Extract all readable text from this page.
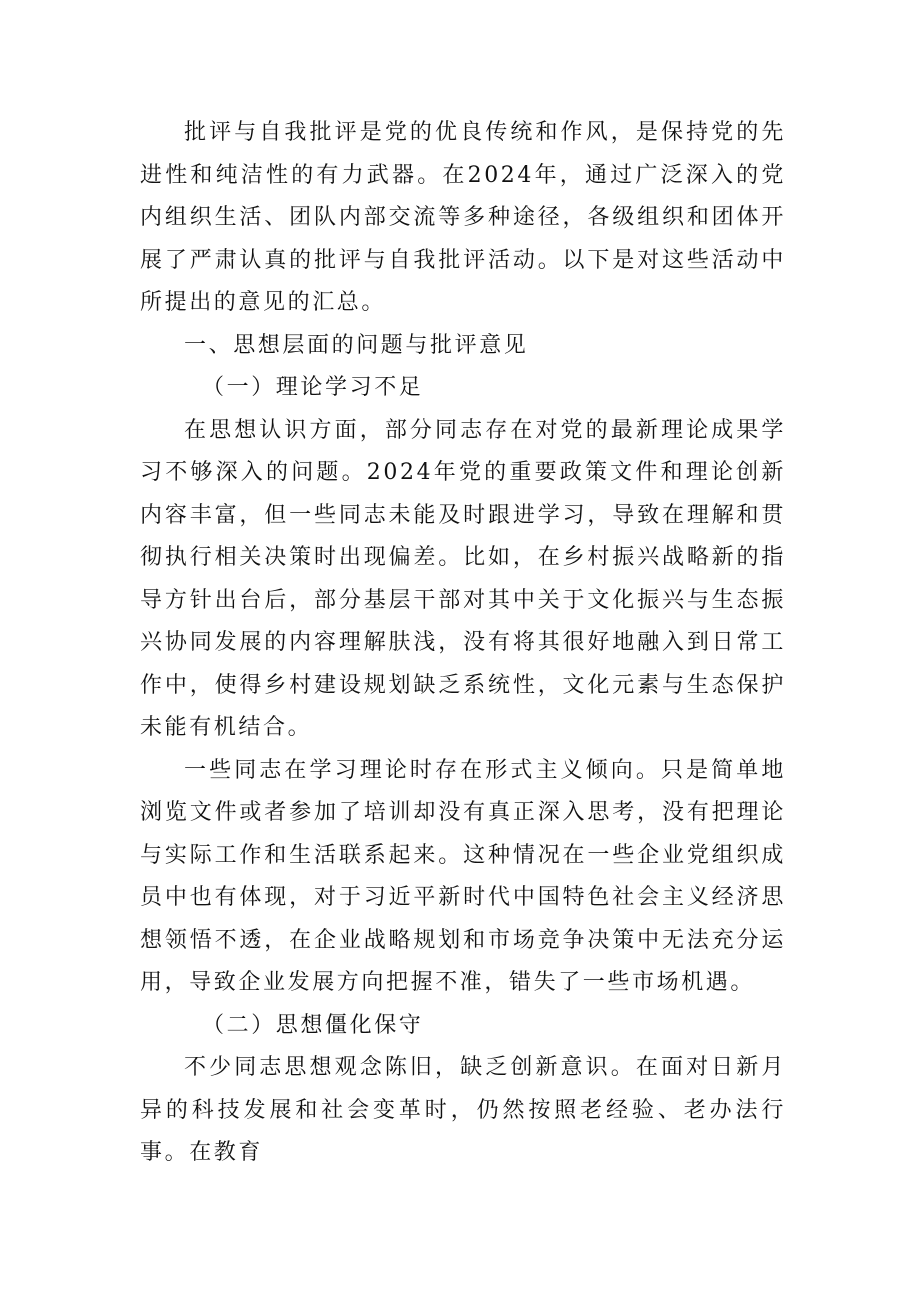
批评与自我批评是党的优良传统和作风，是保持党的先进性和纯洁性的有力武器。在2024年，通过广泛深入的党内组织生活、团队内部交流等多种途径，各级组织和团体开展了严肃认真的批评与自我批评活动。以下是对这些活动中所提出的意见的汇总。

一、思想层面的问题与批评意见
（一）理论学习不足

在思想认识方面，部分同志存在对党的最新理论成果学习不够深入的问题。2024年党的重要政策文件和理论创新内容丰富，但一些同志未能及时跟进学习，导致在理解和贯彻执行相关决策时出现偏差。比如，在乡村振兴战略新的指导方针出台后，部分基层干部对其中关于文化振兴与生态振兴协同发展的内容理解肤浅，没有将其很好地融入到日常工作中，使得乡村建设规划缺乏系统性，文化元素与生态保护未能有机结合。

一些同志在学习理论时存在形式主义倾向。只是简单地浏览文件或者参加了培训却没有真正深入思考，没有把理论与实际工作和生活联系起来。这种情况在一些企业党组织成员中也有体现，对于习近平新时代中国特色社会主义经济思想领悟不透，在企业战略规划和市场竞争决策中无法充分运用，导致企业发展方向把握不准，错失了一些市场机遇。

（二）思想僵化保守

不少同志思想观念陈旧，缺乏创新意识。在面对日新月异的科技发展和社会变革时，仍然按照老经验、老办法行事。在教育
